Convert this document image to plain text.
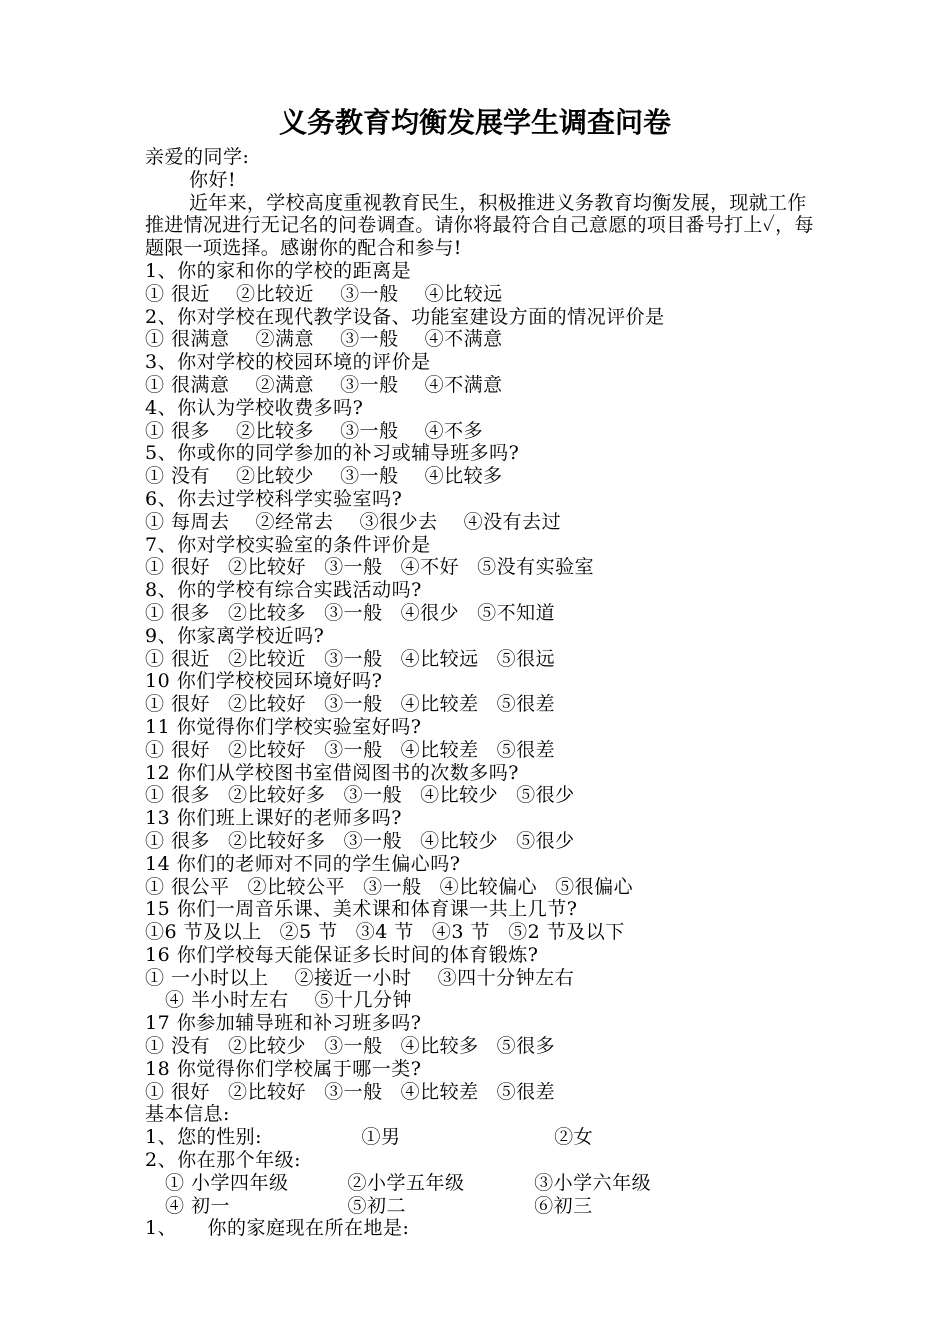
义务教育均衡发展学生调查问卷
亲爱的同学:
你好!
近年来，学校高度重视教育民生，积极推进义务教育均衡发展，现就工作推进情况进行无记名的问卷调查。请你将最符合自己意愿的项目番号打上✓，每题限一项选择。感谢你的配合和参与!
1、你的家和你的学校的距离是
① 很近 ②比较近 ③一般 ④比较远
2、你对学校在现代教学设备、功能室建设方面的情况评价是
① 很满意 ②满意 ③一般 ④不满意
3、你对学校的校园环境的评价是
① 很满意 ②满意 ③一般 ④不满意
4、你认为学校收费多吗?
① 很多 ②比较多 ③一般 ④不多
5、你或你的同学参加的补习或辅导班多吗?
① 没有 ②比较少 ③一般 ④比较多
6、你去过学校科学实验室吗?
① 每周去 ②经常去 ③很少去 ④没有去过
7、你对学校实验室的条件评价是
① 很好 ②比较好 ③一般 ④不好 ⑤没有实验室
8、你的学校有综合实践活动吗?
① 很多 ②比较多 ③一般 ④很少 ⑤不知道
9、你家离学校近吗?
① 很近 ②比较近 ③一般 ④比较远 ⑤很远
10 你们学校校园环境好吗?
① 很好 ②比较好 ③一般 ④比较差 ⑤很差
11 你觉得你们学校实验室好吗?
① 很好 ②比较好 ③一般 ④比较差 ⑤很差
12 你们从学校图书室借阅图书的次数多吗?
① 很多 ②比较好多 ③一般 ④比较少 ⑤很少
13 你们班上课好的老师多吗?
① 很多 ②比较好多 ③一般 ④比较少 ⑤很少
14 你们的老师对不同的学生偏心吗?
① 很公平 ②比较公平 ③一般 ④比较偏心 ⑤很偏心
15 你们一周音乐课、美术课和体育课一共上几节?
①6 节及以上 ②5 节 ③4 节 ④3 节 ⑤2 节及以下
16 你们学校每天能保证多长时间的体育锻炼?
① 一小时以上 ②接近一小时 ③四十分钟左右
④ 半小时左右 ⑤十几分钟
17 你参加辅导班和补习班多吗?
① 没有 ②比较少 ③一般 ④比较多 ⑤很多
18 你觉得你们学校属于哪一类?
① 很好 ②比较好 ③一般 ④比较差 ⑤很差
基本信息:
1、您的性别:	①男	②女
2、你在那个年级:
① 小学四年级	②小学五年级	③小学六年级
④ 初一	⑤初二	⑥初三
1、 你的家庭现在所在地是:
